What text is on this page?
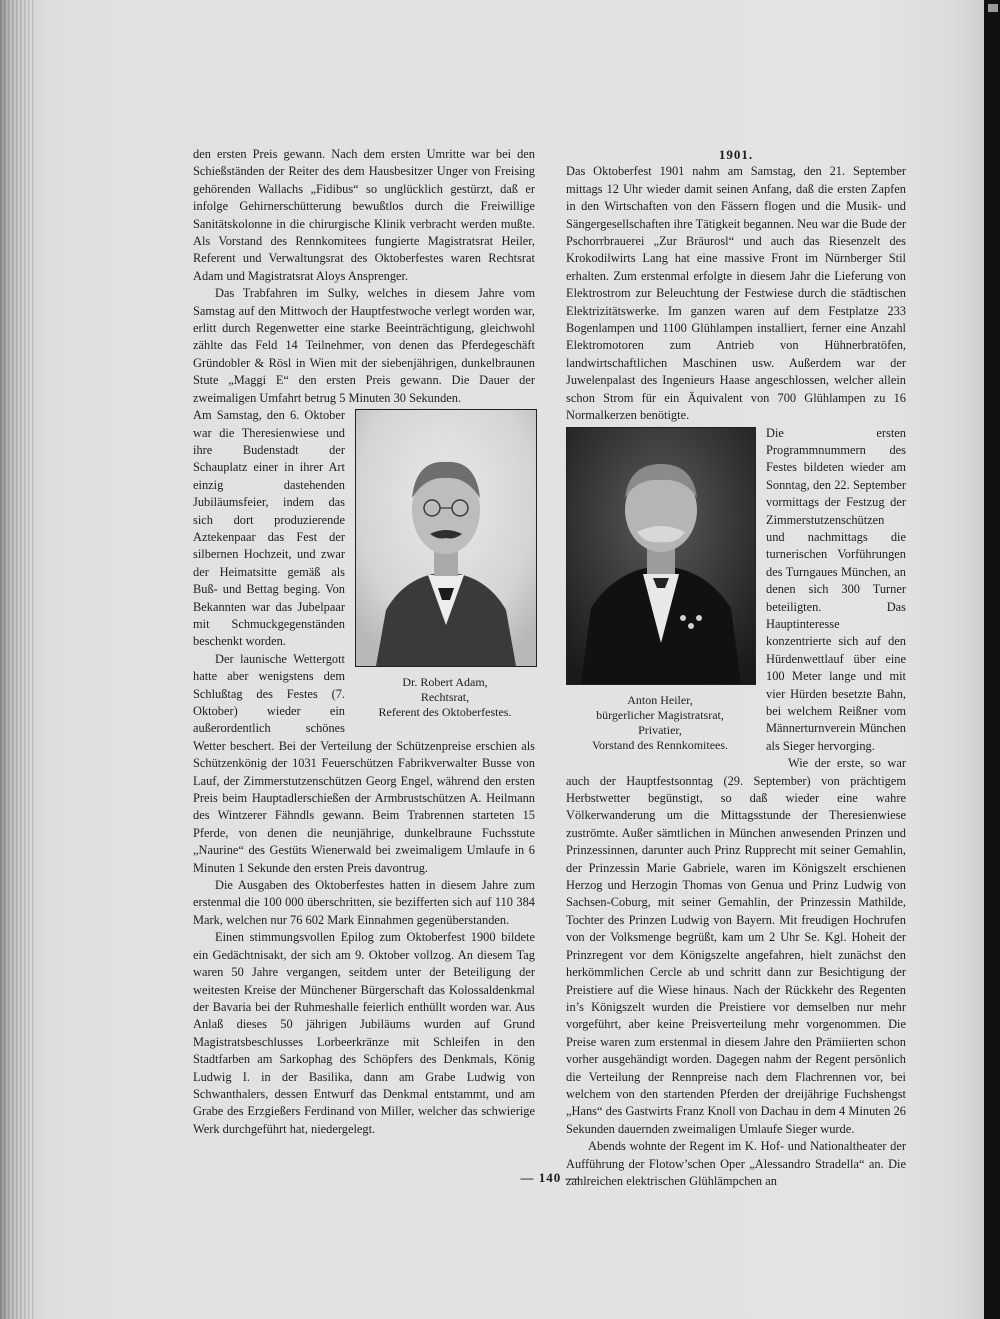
den ersten Preis gewann. Nach dem ersten Umritte war bei den Schießständen der Reiter des dem Hausbesitzer Unger von Freising gehörenden Wallachs „Fidibus“ so unglücklich gestürzt, daß er infolge Gehirnerschütterung bewußtlos durch die Freiwillige Sanitätskolonne in die chirurgische Klinik verbracht werden mußte. Als Vorstand des Rennkomitees fungierte Magistratsrat Heiler, Referent und Verwaltungsrat des Oktoberfestes waren Rechtsrat Adam und Magistratsrat Aloys Ansprenger.

Das Trabfahren im Sulky, welches in diesem Jahre vom Samstag auf den Mittwoch der Hauptfestwoche verlegt worden war, erlitt durch Regenwetter eine starke Beeinträchtigung, gleichwohl zählte das Feld 14 Teilnehmer, von denen das Pferdegeschäft Gründobler & Rösl in Wien mit der siebenjährigen, dunkelbraunen Stute „Maggi E“ den ersten Preis gewann. Die Dauer der zweimaligen Umfahrt betrug 5 Minuten 30 Sekunden.

Dr. Robert Adam,
Rechtsrat,
Referent des Oktoberfestes.

Am Samstag, den 6. Oktober war die Theresienwiese und ihre Budenstadt der Schauplatz einer in ihrer Art einzig dastehenden Jubiläumsfeier, indem das sich dort produzierende Aztekenpaar das Fest der silbernen Hochzeit, und zwar der Heimatsitte gemäß als Buß- und Bettag beging. Von Bekannten war das Jubelpaar mit Schmuckgegenständen beschenkt worden.

Der launische Wettergott hatte aber wenigstens dem Schlußtag des Festes (7. Oktober) wieder ein außerordentlich schönes Wetter beschert. Bei der Verteilung der Schützenpreise erschien als Schützenkönig der 1031 Feuerschützen Fabrikverwalter Busse von Lauf, der Zimmerstutzenschützen Georg Engel, während den ersten Preis beim Hauptadlerschießen der Armbrustschützen A. Heilmann des Wintzerer Fähndls gewann. Beim Trabrennen starteten 15 Pferde, von denen die neunjährige, dunkelbraune Fuchsstute „Naurine“ des Gestüts Wienerwald bei zweimaligem Umlaufe in 6 Minuten 1 Sekunde den ersten Preis davontrug.

Die Ausgaben des Oktoberfestes hatten in diesem Jahre zum erstenmal die 100 000 überschritten, sie bezifferten sich auf 110 384 Mark, welchen nur 76 602 Mark Einnahmen gegenüberstanden.

Einen stimmungsvollen Epilog zum Oktoberfest 1900 bildete ein Gedächtnisakt, der sich am 9. Oktober vollzog. An diesem Tag waren 50 Jahre vergangen, seitdem unter der Beteiligung der weitesten Kreise der Münchener Bürgerschaft das Kolossaldenkmal der Bavaria bei der Ruhmeshalle feierlich enthüllt worden war. Aus Anlaß dieses 50 jährigen Jubiläums wurden auf Grund Magistratsbeschlusses Lorbeerkränze mit Schleifen in den Stadtfarben am Sarkophag des Schöpfers des Denkmals, König Ludwig I. in der Basilika, dann am Grabe Ludwig von Schwanthalers, dessen Entwurf das Denkmal entstammt, und am Grabe des Erzgießers Ferdinand von Miller, welcher das schwierige Werk durchgeführt hat, niedergelegt.

1901.

Das Oktoberfest 1901 nahm am Samstag, den 21. September mittags 12 Uhr wieder damit seinen Anfang, daß die ersten Zapfen in den Wirtschaften von den Fässern flogen und die Musik- und Sängergesellschaften ihre Tätigkeit begannen. Neu war die Bude der Pschorrbrauerei „Zur Bräurosl“ und auch das Riesenzelt des Krokodilwirts Lang hat eine massive Front im Nürnberger Stil erhalten. Zum erstenmal erfolgte in diesem Jahr die Lieferung von Elektrostrom zur Beleuchtung der Festwiese durch die städtischen Elektrizitätswerke. Im ganzen waren auf dem Festplatze 233 Bogenlampen und 1100 Glühlampen installiert, ferner eine Anzahl Elektromotoren zum Antrieb von Hühnerbratöfen, landwirtschaftlichen Maschinen usw. Außerdem war der Juwelenpalast des Ingenieurs Haase angeschlossen, welcher allein schon Strom für ein Äquivalent von 700 Glühlampen zu 16 Normalkerzen benötigte.

Anton Heiler,
bürgerlicher Magistratsrat,
Privatier,
Vorstand des Rennkomitees.

Die ersten Programmnummern des Festes bildeten wieder am Sonntag, den 22. September vormittags der Festzug der Zimmerstutzenschützen und nachmittags die turnerischen Vorführungen des Turngaues München, an denen sich 300 Turner beteiligten. Das Hauptinteresse konzentrierte sich auf den Hürdenwettlauf über eine 100 Meter lange und mit vier Hürden besetzte Bahn, bei welchem Reißner vom Männerturnverein München als Sieger hervorging.

Wie der erste, so war auch der Hauptfestsonntag (29. September) von prächtigem Herbstwetter begünstigt, so daß wieder eine wahre Völkerwanderung um die Mittagsstunde der Theresienwiese zuströmte. Außer sämtlichen in München anwesenden Prinzen und Prinzessinnen, darunter auch Prinz Rupprecht mit seiner Gemahlin, der Prinzessin Marie Gabriele, waren im Königszelt erschienen Herzog und Herzogin Thomas von Genua und Prinz Ludwig von Sachsen-Coburg, mit seiner Gemahlin, der Prinzessin Mathilde, Tochter des Prinzen Ludwig von Bayern. Mit freudigen Hochrufen von der Volksmenge begrüßt, kam um 2 Uhr Se. Kgl. Hoheit der Prinzregent vor dem Königszelte angefahren, hielt zunächst den herkömmlichen Cercle ab und schritt dann zur Besichtigung der Preistiere auf die Wiese hinaus. Nach der Rückkehr des Regenten in’s Königszelt wurden die Preistiere vor demselben nur mehr vorgeführt, aber keine Preisverteilung mehr vorgenommen. Die Preise waren zum erstenmal in diesem Jahre den Prämiierten schon vorher ausgehändigt worden. Dagegen nahm der Regent persönlich die Verteilung der Rennpreise nach dem Flachrennen vor, bei welchem von den startenden Pferden der dreijährige Fuchshengst „Hans“ des Gastwirts Franz Knoll von Dachau in dem 4 Minuten 26 Sekunden dauernden zweimaligen Umlaufe Sieger wurde.

Abends wohnte der Regent im K. Hof- und Nationaltheater der Aufführung der Flotow’schen Oper „Alessandro Stradella“ an. Die zahlreichen elektrischen Glühlämpchen an

— 140 —
